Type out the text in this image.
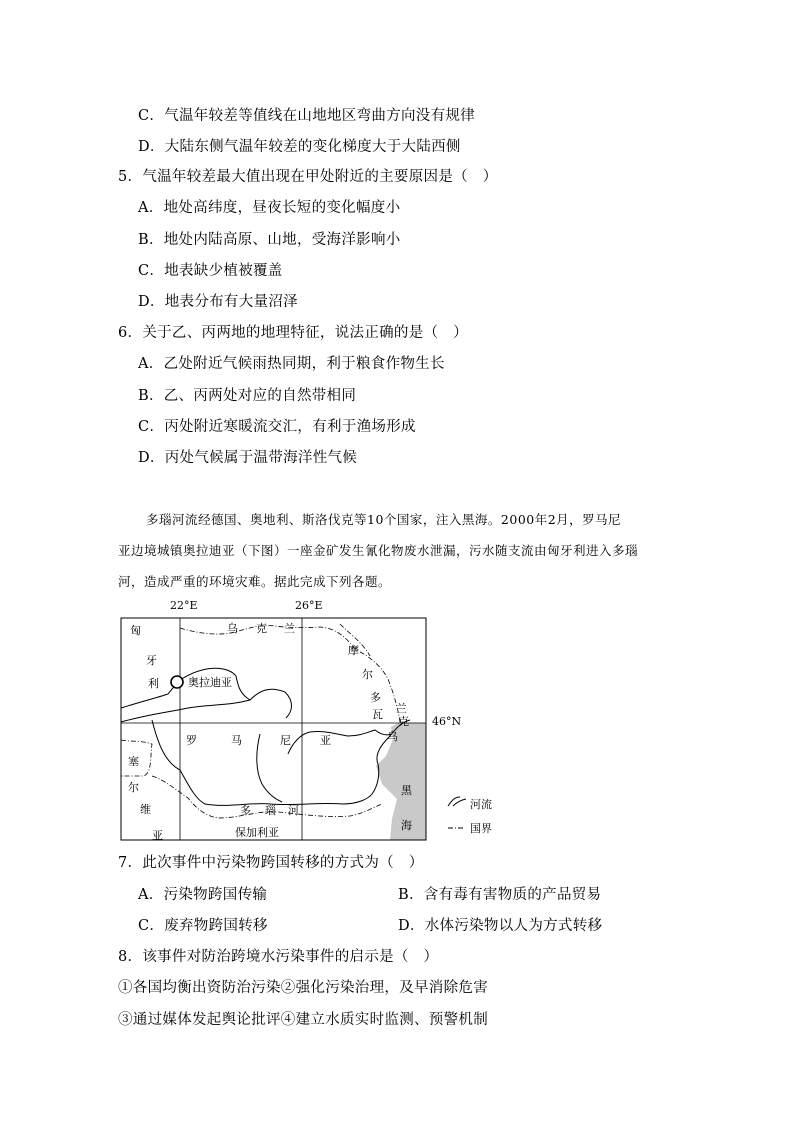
C．气温年较差等值线在山地地区弯曲方向没有规律
D．大陆东侧气温年较差的变化梯度大于大陆西侧
5．气温年较差最大值出现在甲处附近的主要原因是（　）
A．地处高纬度，昼夜长短的变化幅度小
B．地处内陆高原、山地，受海洋影响小
C．地表缺少植被覆盖
D．地表分布有大量沼泽
6．关于乙、丙两地的地理特征，说法正确的是（　）
A．乙处附近气候雨热同期，利于粮食作物生长
B．乙、丙两处对应的自然带相同
C．丙处附近寒暖流交汇，有利于渔场形成
D．丙处气候属于温带海洋性气候
多瑙河流经德国、奥地利、斯洛伐克等10个国家，注入黑海。2000年2月，罗马尼
亚边境城镇奥拉迪亚（下图）一座金矿发生氰化物废水泄漏，污水随支流由匈牙利进入多瑙
河，造成严重的环境灾难。据此完成下列各题。
22°E	26°E
46°N
奥拉迪亚
匈
牙
利
乌 克 兰
摩
尔
多
瓦 兰
克
乌
罗	马	尼	亚
塞
尔
维
亚
多 瑙 河
保加利亚
黑
海
河流
国界
7．此次事件中污染物跨国转移的方式为（　）
A．污染物跨国传输	B．含有毒有害物质的产品贸易
C．废弃物跨国转移	D．水体污染物以人为方式转移
8．该事件对防治跨境水污染事件的启示是（　）
①各国均衡出资防治污染②强化污染治理，及早消除危害
③通过媒体发起舆论批评④建立水质实时监测、预警机制
